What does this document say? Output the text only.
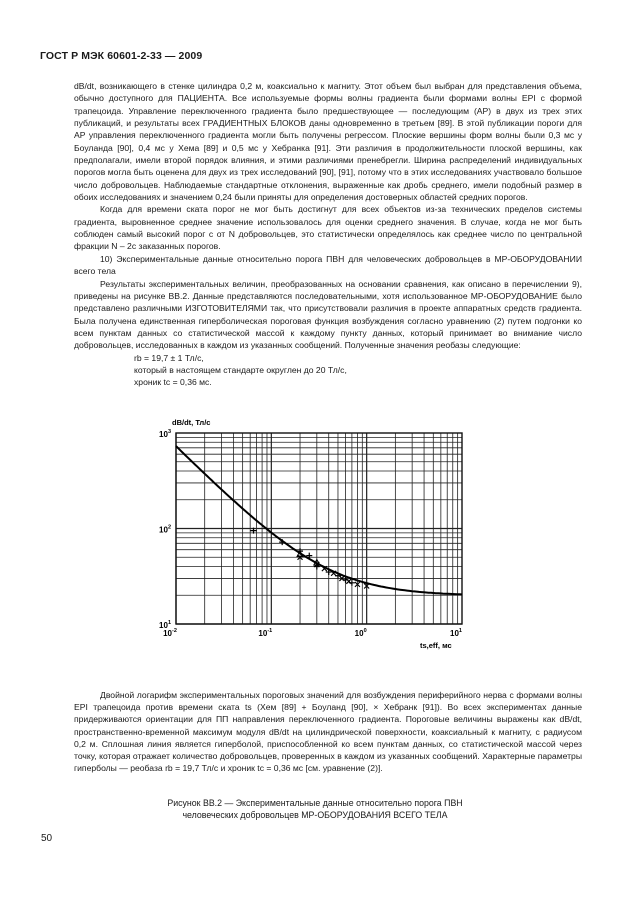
ГОСТ Р МЭК 60601-2-33 — 2009

dB/dt, возникающего в стенке цилиндра 0,2 м, коаксиально к магниту. Этот объем был выбран для представления объема, обычно доступного для ПАЦИЕНТА. Все используемые формы волны градиента были формами волны EPI с формой трапецоида. Управление переключенного градиента было предшествующее — последующим (AP) в двух из трех этих публикаций, и результаты всех ГРАДИЕНТНЫХ БЛОКОВ даны одновременно в третьем [89]. В этой публикации пороги для AP управления переключенного градиента могли быть получены регрессом. Плоские вершины форм волны были 0,3 мс у Боуланда [90], 0,4 мс у Хема [89] и 0,5 мс у Хебранка [91]. Эти различия в продолжительности плоской вершины, как предполагали, имели второй порядок влияния, и этими различиями пренебрегли. Ширина распределений индивидуальных порогов могла быть оценена для двух из трех исследований [90], [91], потому что в этих исследованиях участвовало большое число добровольцев. Наблюдаемые стандартные отклонения, выраженные как дробь среднего, имели подобный размер в обоих исследованиях и значением 0,24 были приняты для определения достоверных областей средних порогов.

Когда для времени ската порог не мог быть достигнут для всех объектов из-за технических пределов системы градиента, выровненное среднее значение использовалось для оценки среднего значения. В случае, когда не мог быть соблюден самый высокий порог c от N добровольцев, это статистически определялось как среднее число по центральной фракции N – 2c заказанных порогов.

10) Экспериментальные данные относительно порога ПВН для человеческих добровольцев в МР-ОБОРУДОВАНИИ всего тела

Результаты экспериментальных величин, преобразованных на основании сравнения, как описано в перечислении 9), приведены на рисунке ВВ.2. Данные представляются последовательными, хотя использованное МР-ОБОРУДОВАНИЕ было представлено различными ИЗГОТОВИТЕЛЯМИ так, что присутствовали различия в проекте аппаратных средств градиента. Была получена единственная гиперболическая пороговая функция возбуждения согласно уравнению (2) путем подгонки ко всем пунктам данных со статистической массой к каждому пункту данных, который принимает во внимание число добровольцев, исследованных в каждом из указанных сообщений. Полученные значения реобазы следующие:

rb = 19,7 ± 1 Тл/с,

который в настоящем стандарте округлен до 20 Тл/с,

хроник tc = 0,36 мс.

dB/dt, Тл/с
ts,eff, мс
$10^{-2}$	$10^{-1}$	$10^0$	$10^1$
$10^3$
$10^2$
$10^1$

Двойной логарифм экспериментальных пороговых значений для возбуждения периферийного нерва с формами волны EPI трапецоида против времени ската ts (Хем [89] + Боуланд [90], × Хебранк [91]). Во всех экспериментах данные придерживаются ориентации для ПП направления переключенного градиента. Пороговые величины выражены как dB/dt, пространственно-временной максимум модуля dB/dt на цилиндрической поверхности, коаксиальный к магниту, с радиусом 0,2 м. Сплошная линия является гиперболой, приспособленной ко всем пунктам данных, со статистической массой через точку, которая отражает количество добровольцев, проверенных в каждом из указанных сообщений. Характерные параметры гиперболы — реобаза rb = 19,7 Тл/с и хроник tc = 0,36 мс [см. уравнение (2)].

Рисунок ВВ.2 — Экспериментальные данные относительно порога ПВН
человеческих добровольцев МР-ОБОРУДОВАНИЯ ВСЕГО ТЕЛА
50
